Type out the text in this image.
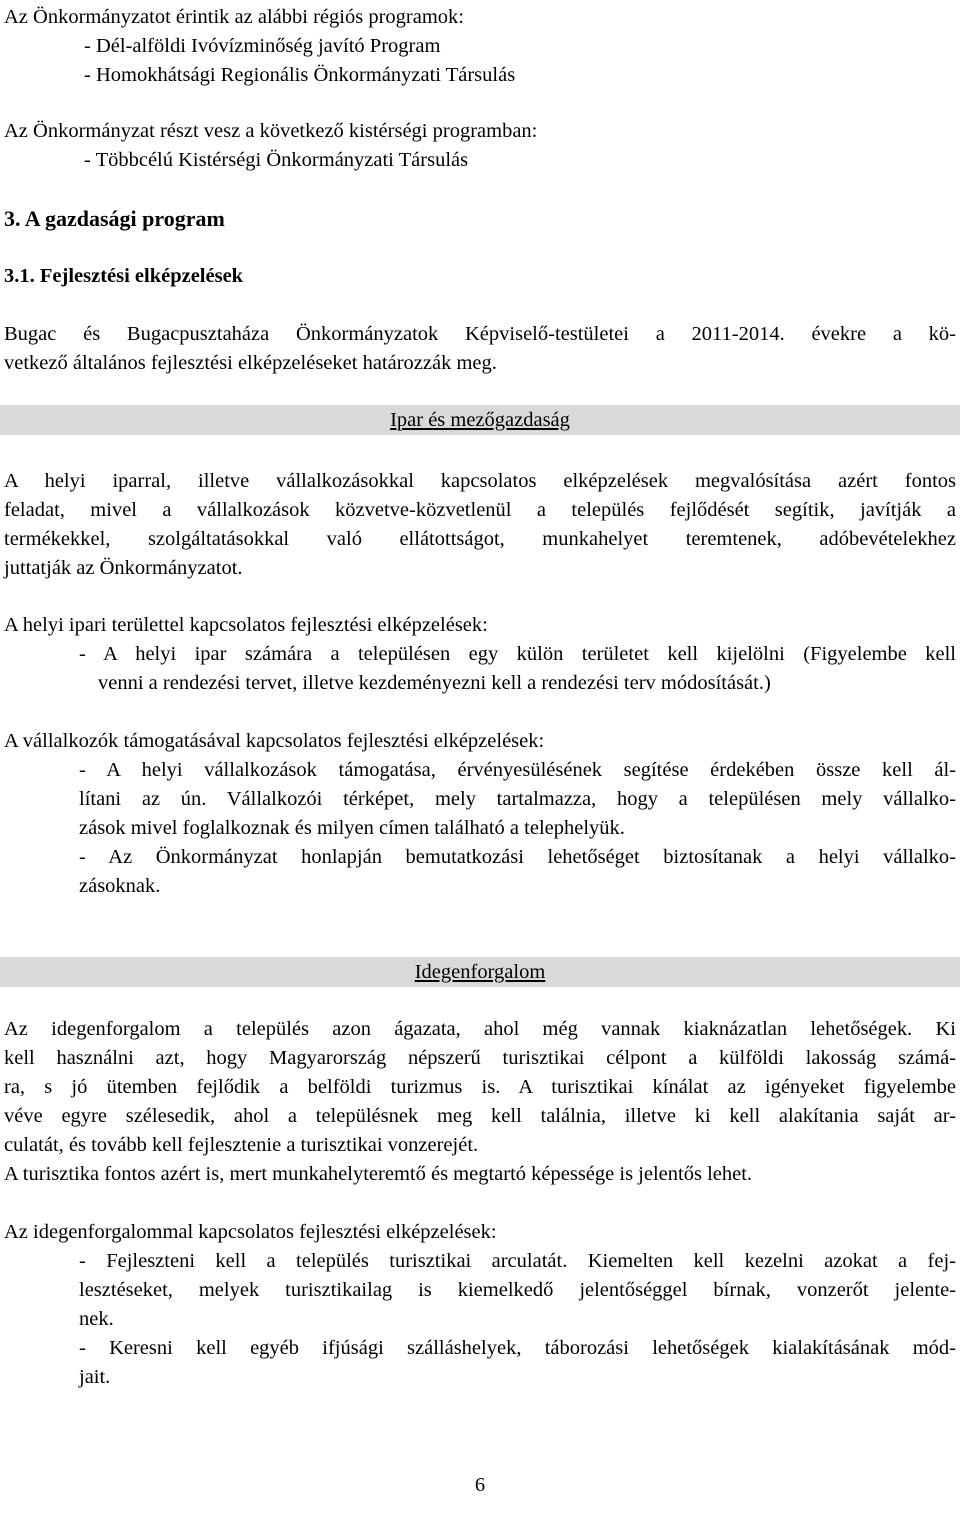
Az Önkormányzatot érintik az alábbi régiós programok:
- Dél-alföldi Ivóvízminőség javító Program
- Homokhátsági Regionális Önkormányzati Társulás
Az Önkormányzat részt vesz a következő kistérségi programban:
- Többcélú Kistérségi Önkormányzati Társulás
3. A gazdasági program
3.1. Fejlesztési elképzelések
Bugac és Bugacpusztaháza Önkormányzatok Képviselő-testületei a 2011-2014. évekre a kö-
vetkező általános fejlesztési elképzeléseket határozzák meg.
Ipar és mezőgazdaság
A helyi iparral, illetve vállalkozásokkal kapcsolatos elképzelések megvalósítása azért fontos
feladat, mivel a vállalkozások közvetve-közvetlenül a település fejlődését segítik, javítják a
termékekkel, szolgáltatásokkal való ellátottságot, munkahelyet teremtenek, adóbevételekhez
juttatják az Önkormányzatot.
A helyi ipari területtel kapcsolatos fejlesztési elképzelések:
- A helyi ipar számára a településen egy külön területet kell kijelölni (Figyelembe kell
venni a rendezési tervet, illetve kezdeményezni kell a rendezési terv módosítását.)
A vállalkozók támogatásával kapcsolatos fejlesztési elképzelések:
- A helyi vállalkozások támogatása, érvényesülésének segítése érdekében össze kell ál-
lítani az ún. Vállalkozói térképet, mely tartalmazza, hogy a településen mely vállalko-
zások mivel foglalkoznak és milyen címen található a telephelyük.
- Az Önkormányzat honlapján bemutatkozási lehetőséget biztosítanak a helyi vállalko-
zásoknak.
Idegenforgalom
Az idegenforgalom a település azon ágazata, ahol még vannak kiaknázatlan lehetőségek. Ki
kell használni azt, hogy Magyarország népszerű turisztikai célpont a külföldi lakosság számá-
ra, s jó ütemben fejlődik a belföldi turizmus is. A turisztikai kínálat az igényeket figyelembe
véve egyre szélesedik, ahol a településnek meg kell találnia, illetve ki kell alakítania saját ar-
culatát, és tovább kell fejlesztenie a turisztikai vonzerejét.
A turisztika fontos azért is, mert munkahelyteremtő és megtartó képessége is jelentős lehet.
Az idegenforgalommal kapcsolatos fejlesztési elképzelések:
- Fejleszteni kell a település turisztikai arculatát. Kiemelten kell kezelni azokat a fej-
lesztéseket, melyek turisztikailag is kiemelkedő jelentőséggel bírnak, vonzerőt jelente-
nek.
- Keresni kell egyéb ifjúsági szálláshelyek, táborozási lehetőségek kialakításának mód-
jait.
6
